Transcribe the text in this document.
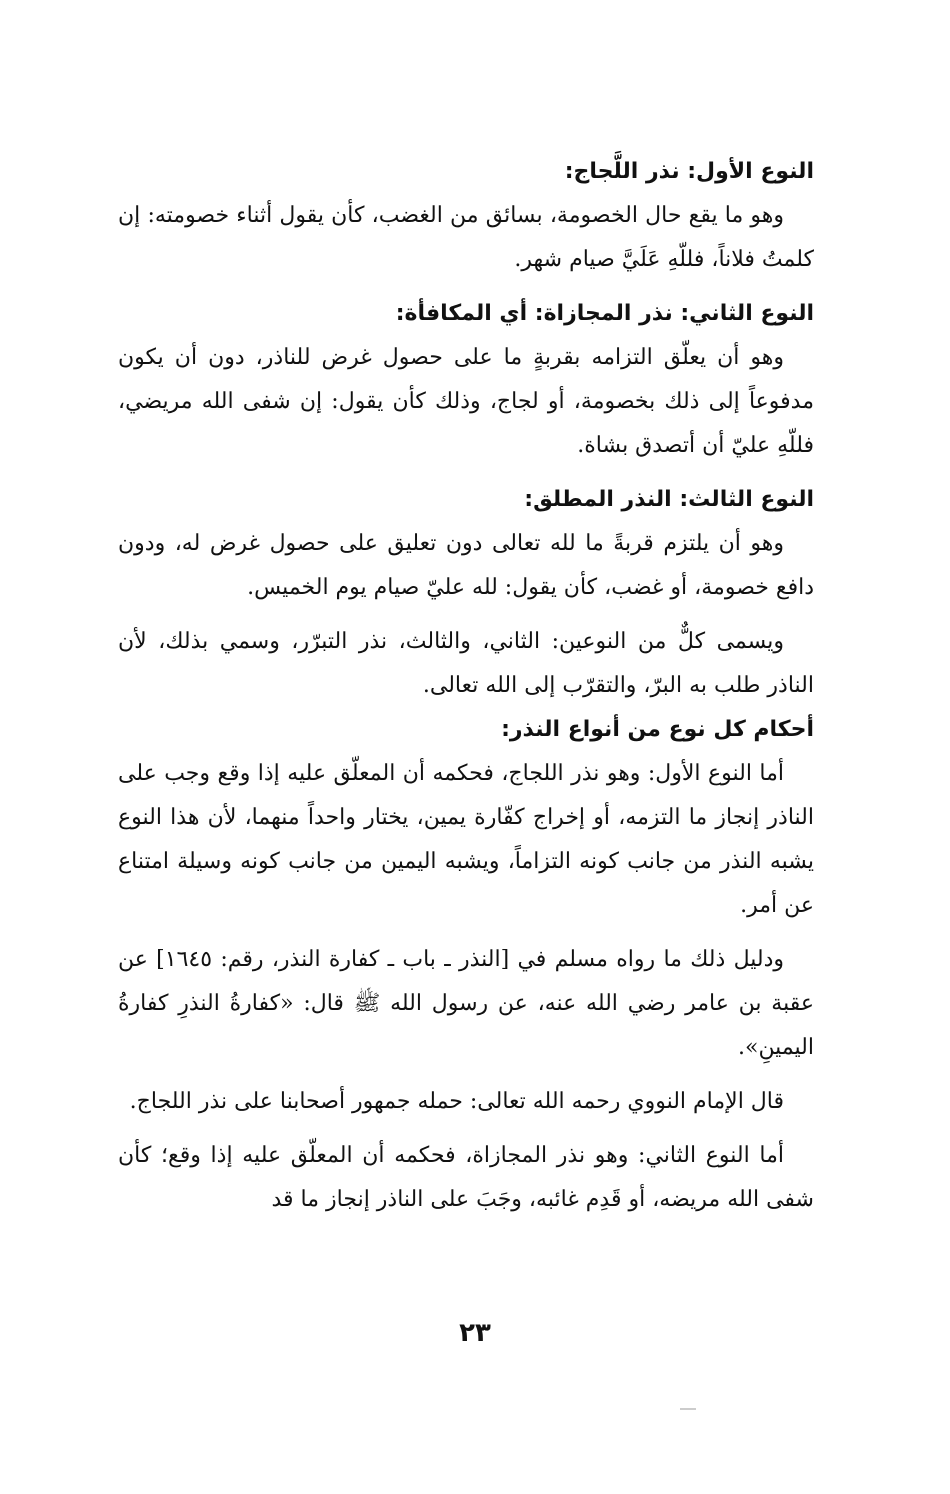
النوع الأول: نذر اللَّجاج:

وهو ما يقع حال الخصومة، بسائق من الغضب، كأن يقول أثناء خصومته: إن كلمتُ فلاناً، فللّهِ عَلَيَّ صيام شهر.

النوع الثاني: نذر المجازاة: أي المكافأة:

وهو أن يعلّق التزامه بقربةٍ ما على حصول غرض للناذر، دون أن يكون مدفوعاً إلى ذلك بخصومة، أو لجاج، وذلك كأن يقول: إن شفى الله مريضي، فللّهِ عليّ أن أتصدق بشاة.

النوع الثالث: النذر المطلق:

وهو أن يلتزم قربةً ما لله تعالى دون تعليق على حصول غرض له، ودون دافع خصومة، أو غضب، كأن يقول: لله عليّ صيام يوم الخميس.

ويسمى كلٌّ من النوعين: الثاني، والثالث، نذر التبرّر، وسمي بذلك، لأن الناذر طلب به البرّ، والتقرّب إلى الله تعالى.

أحكام كل نوع من أنواع النذر:

أما النوع الأول: وهو نذر اللجاج، فحكمه أن المعلّق عليه إذا وقع وجب على الناذر إنجاز ما التزمه، أو إخراج كفّارة يمين، يختار واحداً منهما، لأن هذا النوع يشبه النذر من جانب كونه التزاماً، ويشبه اليمين من جانب كونه وسيلة امتناع عن أمر.

ودليل ذلك ما رواه مسلم في [النذر ـ باب ـ كفارة النذر، رقم: ١٦٤٥] عن عقبة بن عامر رضي الله عنه، عن رسول الله ﷺ قال: «كفارةُ النذرِ كفارةُ اليمينِ».

قال الإمام النووي رحمه الله تعالى: حمله جمهور أصحابنا على نذر اللجاج.

أما النوع الثاني: وهو نذر المجازاة، فحكمه أن المعلّق عليه إذا وقع؛ كأن شفى الله مريضه، أو قَدِم غائبه، وجَبَ على الناذر إنجاز ما قد

٢٣
